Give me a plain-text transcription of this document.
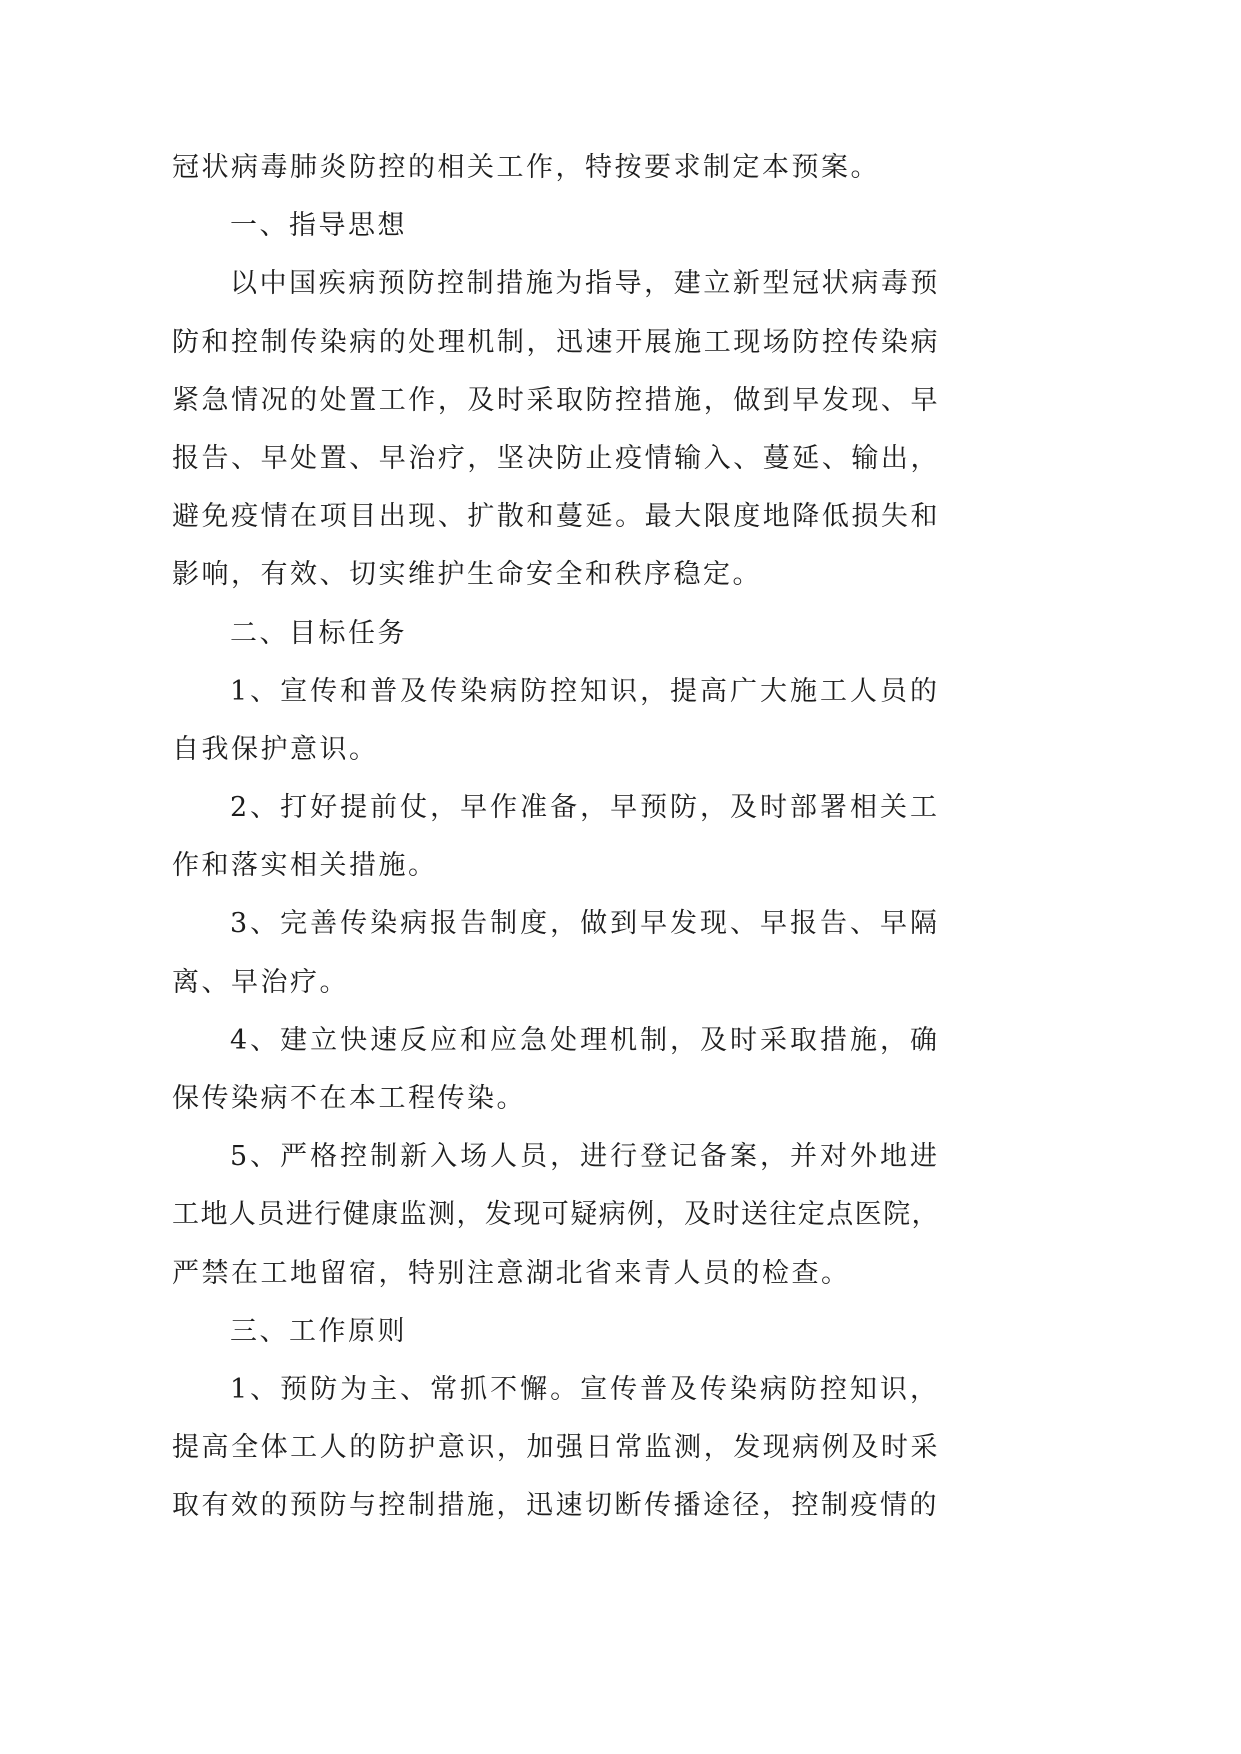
冠状病毒肺炎防控的相关工作，特按要求制定本预案。
一、指导思想
以中国疾病预防控制措施为指导，建立新型冠状病毒预
防和控制传染病的处理机制，迅速开展施工现场防控传染病
紧急情况的处置工作，及时采取防控措施，做到早发现、早
报告、早处置、早治疗，坚决防止疫情输入、蔓延、输出，
避免疫情在项目出现、扩散和蔓延。最大限度地降低损失和
影响，有效、切实维护生命安全和秩序稳定。
二、目标任务
1、宣传和普及传染病防控知识，提高广大施工人员的
自我保护意识。
2、打好提前仗，早作准备，早预防，及时部署相关工
作和落实相关措施。
3、完善传染病报告制度，做到早发现、早报告、早隔
离、早治疗。
4、建立快速反应和应急处理机制，及时采取措施，确
保传染病不在本工程传染。
5、严格控制新入场人员，进行登记备案，并对外地进
工地人员进行健康监测，发现可疑病例，及时送往定点医院，
严禁在工地留宿，特别注意湖北省来青人员的检查。
三、工作原则
1、预防为主、常抓不懈。宣传普及传染病防控知识，
提高全体工人的防护意识，加强日常监测，发现病例及时采
取有效的预防与控制措施，迅速切断传播途径，控制疫情的
